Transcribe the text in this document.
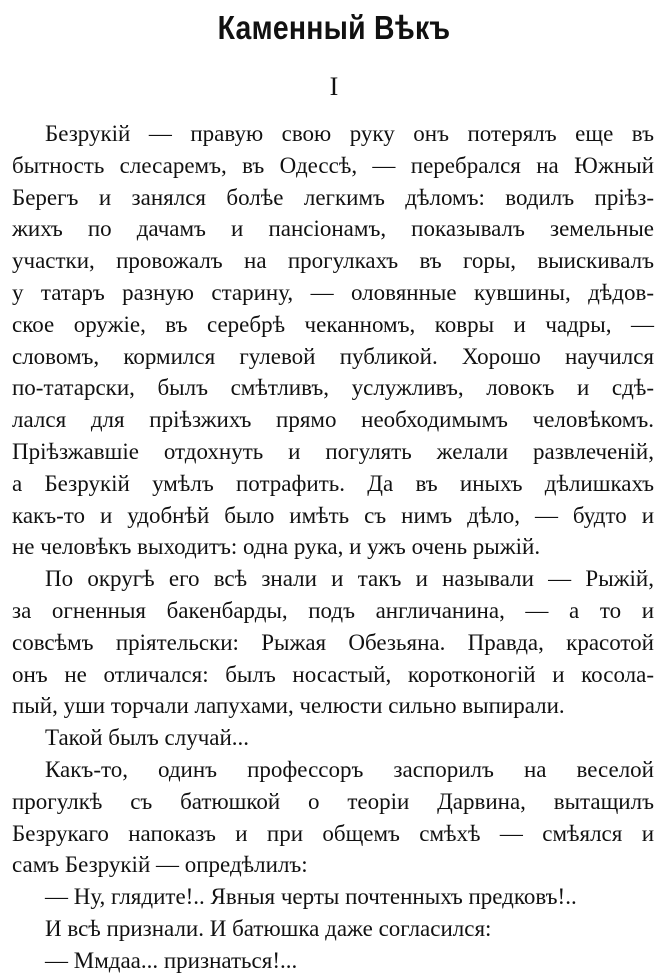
Каменный Вѣкъ
I
Безрукій — правую свою руку онъ потерялъ еще въ
бытность слесаремъ, въ Одессѣ, — перебрался на Южный
Берегъ и занялся болѣе легкимъ дѣломъ: водилъ прiѣз-
жихъ по дачамъ и пансiонамъ, показывалъ земельные
участки, провожалъ на прогулкахъ въ горы, выискивалъ
у татаръ разную старину, — оловянные кувшины, дѣдов-
ское оружiе, въ серебрѣ чеканномъ, ковры и чадры, —
словомъ, кормился гулевой публикой. Хорошо научился
по-татарски, былъ смѣтливъ, услужливъ, ловокъ и сдѣ-
лался для прiѣзжихъ прямо необходимымъ человѣкомъ.
Прiѣзжавшiе отдохнуть и погулять желали развлеченiй,
а Безрукій умѣлъ потрафить. Да въ иныхъ дѣлишкахъ
какъ-то и удобнѣй было имѣть съ нимъ дѣло, — будто и
не человѣкъ выходитъ: одна рука, и ужъ очень рыжій.
По округѣ его всѣ знали и такъ и называли — Рыжій,
за огненныя бакенбарды, подъ англичанина, — а то и
совсѣмъ прiятельски: Рыжая Обезьяна. Правда, красотой
онъ не отличался: былъ носастый, коротконогій и косола-
пый, уши торчали лапухами, челюсти сильно выпирали.
Такой былъ случай...
Какъ-то, одинъ профессоръ заспорилъ на веселой
прогулкѣ съ батюшкой о теорiи Дарвина, вытащилъ
Безрукаго напоказъ и при общемъ смѣхѣ — смѣялся и
самъ Безрукій — опредѣлилъ:
— Ну, глядите!.. Явныя черты почтенныхъ предковъ!..
И всѣ признали. И батюшка даже согласился:
— Ммдаа... признаться!...
